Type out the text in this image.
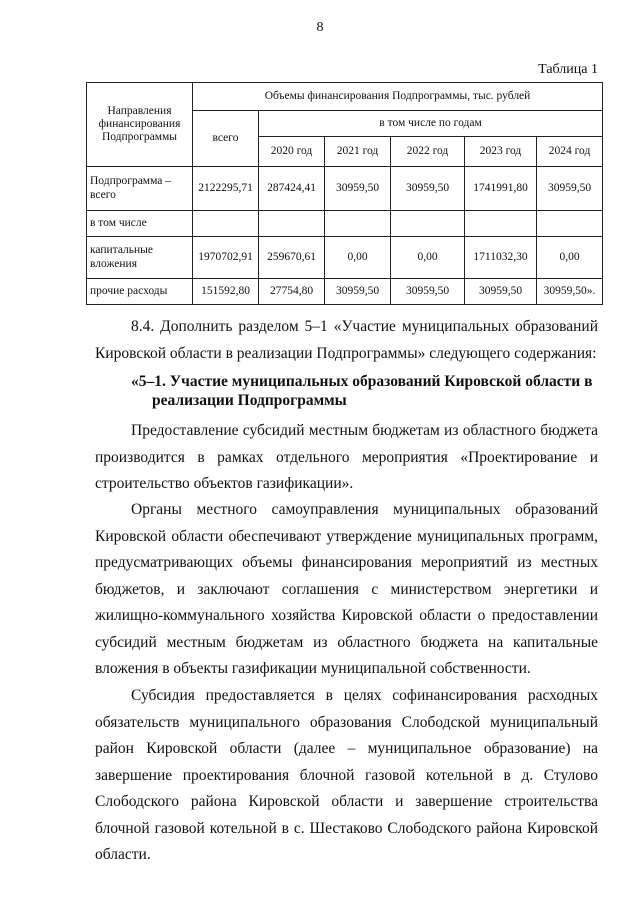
8
Таблица 1
Направления финансирования Подпрограммы	Объемы финансирования Подпрограммы, тыс. рублей					
	всего	в том числе по годам				
		2020 год	2021 год	2022 год	2023 год	2024 год
Подпрограмма – всего	2122295,71	287424,41	30959,50	30959,50	1741991,80	30959,50
в том числе						
капитальные вложения	1970702,91	259670,61	0,00	0,00	1711032,30	0,00
прочие расходы	151592,80	27754,80	30959,50	30959,50	30959,50	30959,50».

8.4. Дополнить разделом 5–1 «Участие муниципальных образований Кировской области в реализации Подпрограммы» следующего содержания:

«5–1. Участие муниципальных образований Кировской области в
реализации Подпрограммы

Предоставление субсидий местным бюджетам из областного бюджета производится в рамках отдельного мероприятия «Проектирование и строительство объектов газификации».

Органы местного самоуправления муниципальных образований Кировской области обеспечивают утверждение муниципальных программ, предусматривающих объемы финансирования мероприятий из местных бюджетов, и заключают соглашения с министерством энергетики и жилищно-коммунального хозяйства Кировской области о предоставлении субсидий местным бюджетам из областного бюджета на капитальные вложения в объекты газификации муниципальной собственности.

Субсидия предоставляется в целях софинансирования расходных обязательств муниципального образования Слободской муниципальный район Кировской области (далее – муниципальное образование) на завершение проектирования блочной газовой котельной в д. Стулово Слободского района Кировской области и завершение строительства блочной газовой котельной в с. Шестаково Слободского района Кировской области.
